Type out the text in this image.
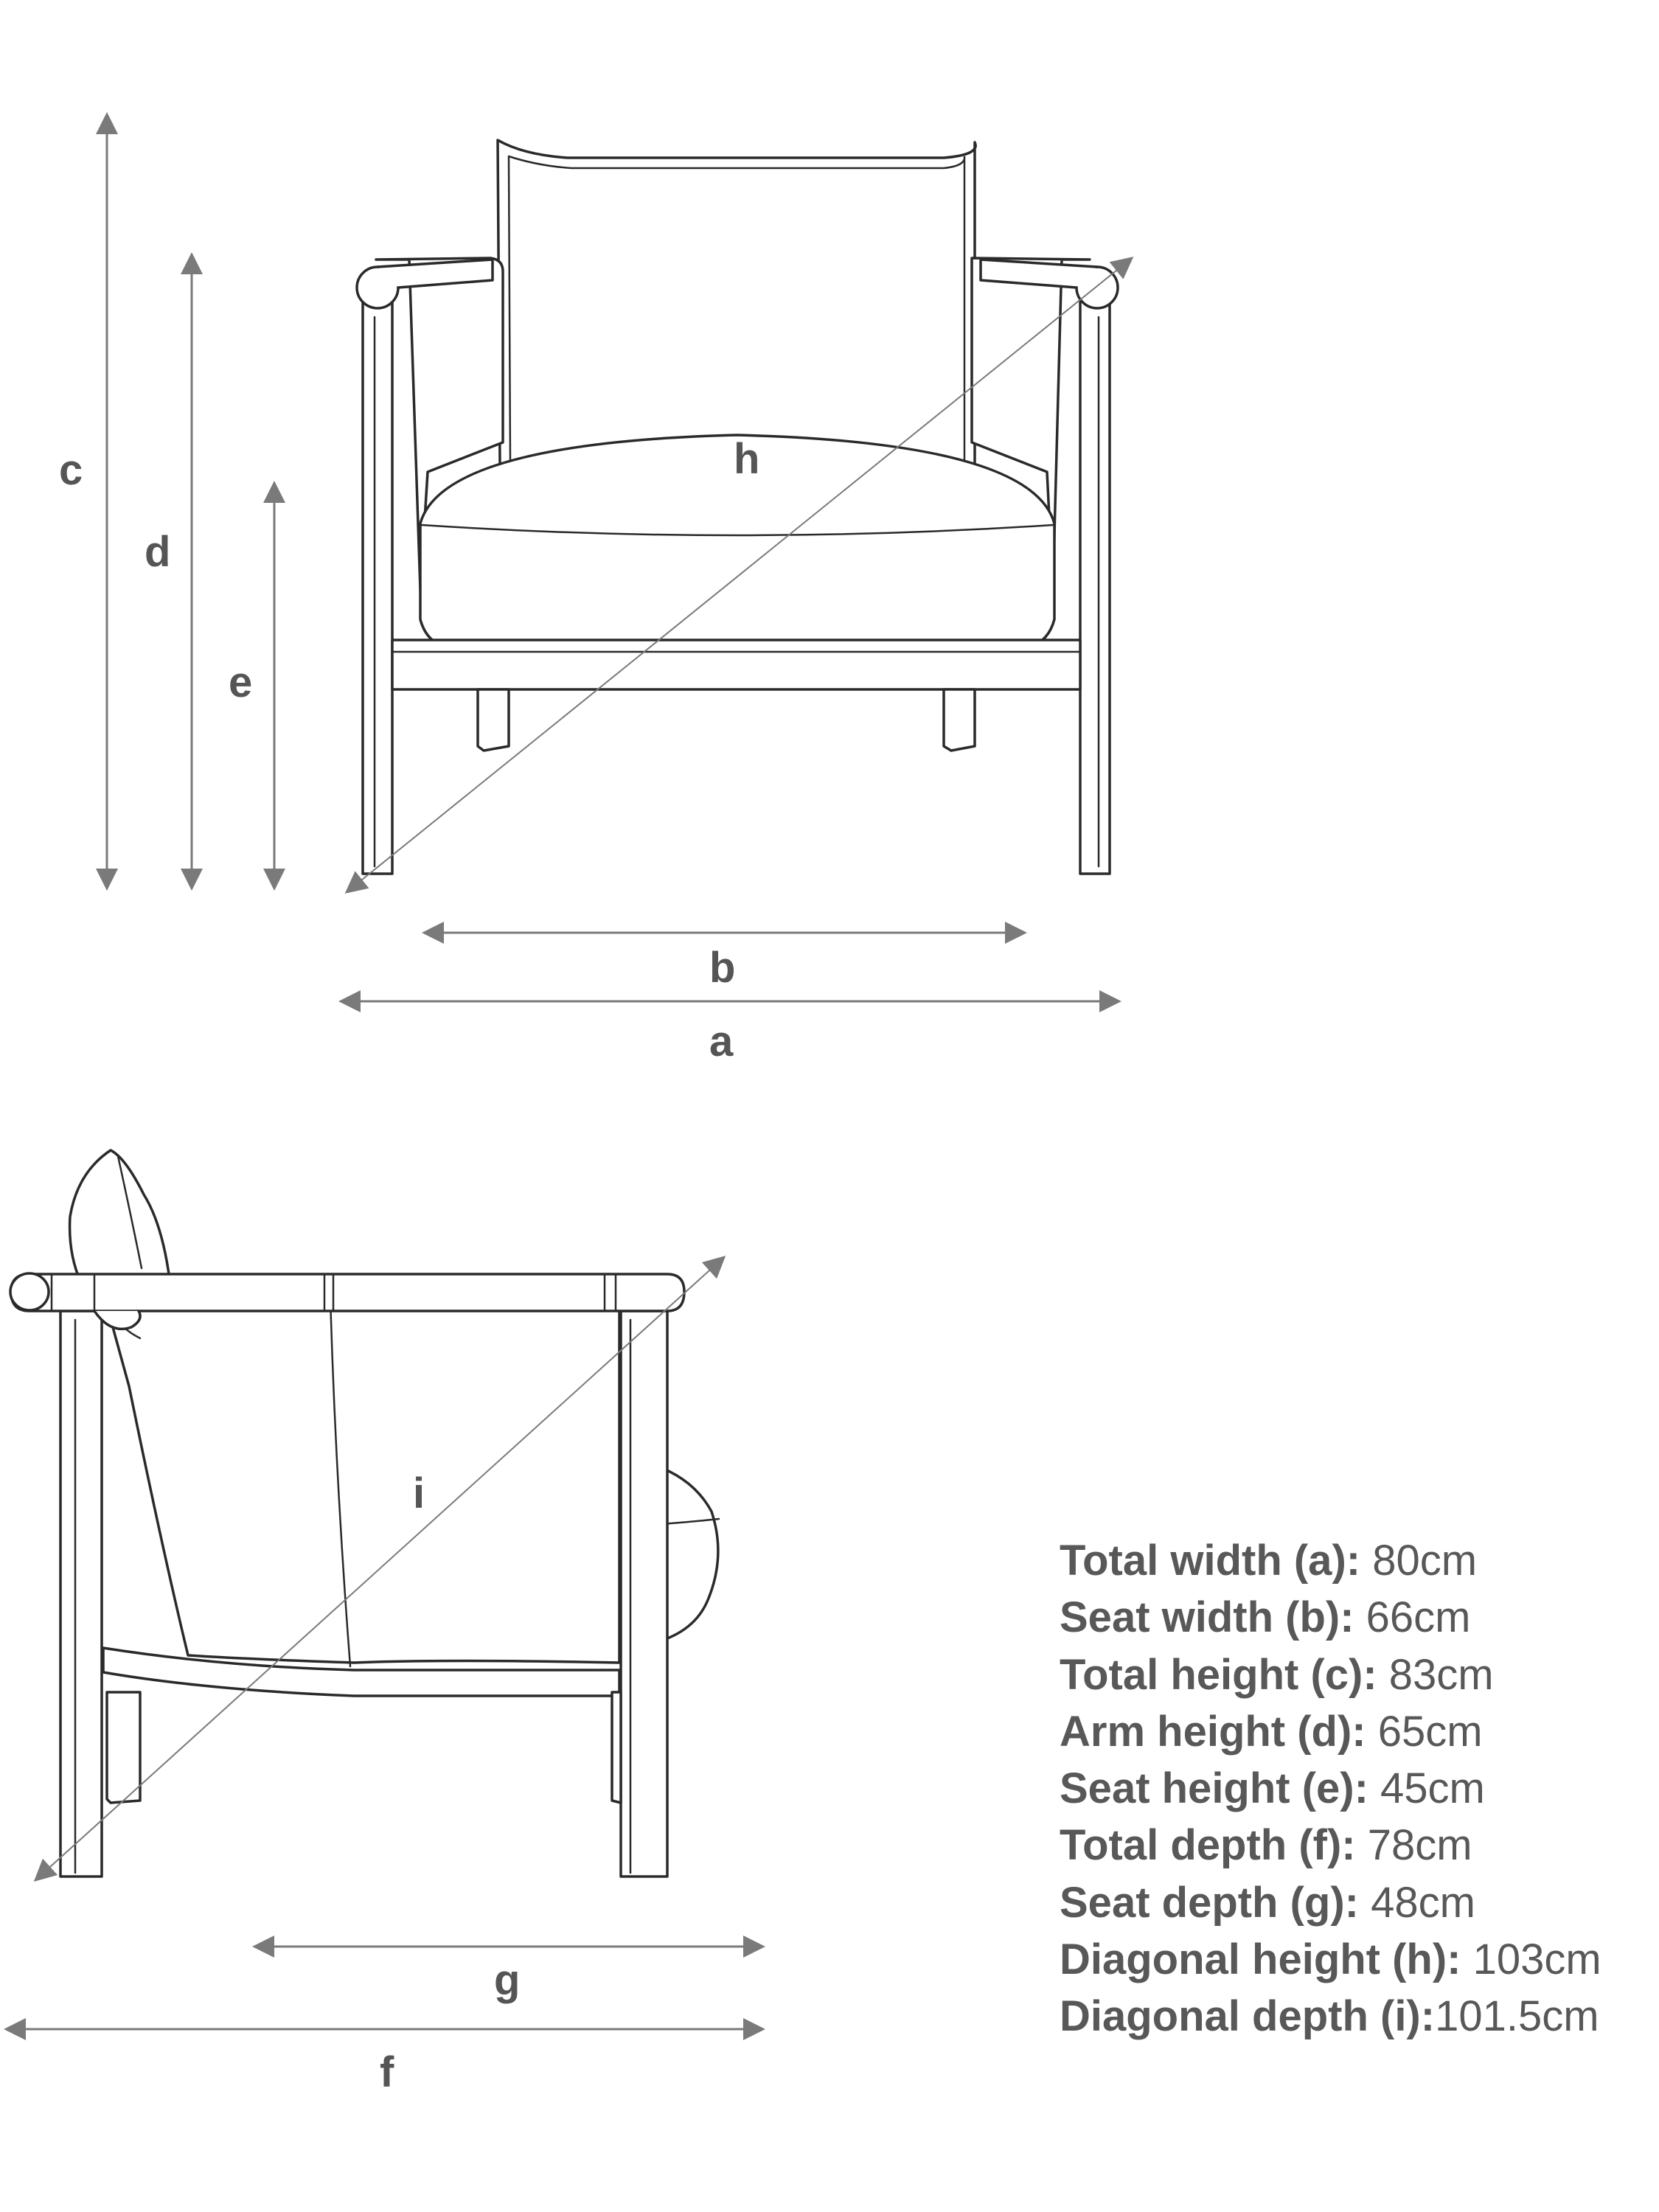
c
d
e
h
b
a
i
g
f
Total width (a): 80cm
Seat width (b): 66cm
Total height (c): 83cm
Arm height (d): 65cm
Seat height (e): 45cm
Total depth (f): 78cm
Seat depth (g): 48cm
Diagonal height (h): 103cm
Diagonal depth (i):101.5cm
